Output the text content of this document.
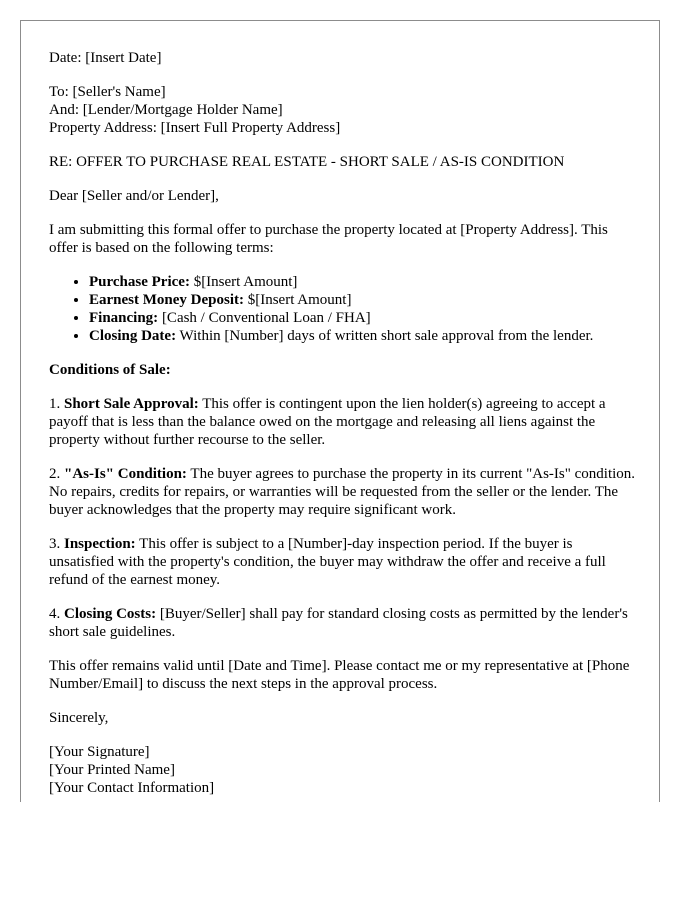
Date: [Insert Date]

To: [Seller's Name]
And: [Lender/Mortgage Holder Name]
Property Address: [Insert Full Property Address]

RE: OFFER TO PURCHASE REAL ESTATE - SHORT SALE / AS-IS CONDITION

Dear [Seller and/or Lender],

I am submitting this formal offer to purchase the property located at [Property Address]. This offer is based on the following terms:

• Purchase Price: $[Insert Amount]
• Earnest Money Deposit: $[Insert Amount]
• Financing: [Cash / Conventional Loan / FHA]
• Closing Date: Within [Number] days of written short sale approval from the lender.

Conditions of Sale:

1. Short Sale Approval: This offer is contingent upon the lien holder(s) agreeing to accept a payoff that is less than the balance owed on the mortgage and releasing all liens against the property without further recourse to the seller.

2. "As-Is" Condition: The buyer agrees to purchase the property in its current "As-Is" condition. No repairs, credits for repairs, or warranties will be requested from the seller or the lender. The buyer acknowledges that the property may require significant work.

3. Inspection: This offer is subject to a [Number]-day inspection period. If the buyer is unsatisfied with the property's condition, the buyer may withdraw the offer and receive a full refund of the earnest money.

4. Closing Costs: [Buyer/Seller] shall pay for standard closing costs as permitted by the lender's short sale guidelines.

This offer remains valid until [Date and Time]. Please contact me or my representative at [Phone Number/Email] to discuss the next steps in the approval process.

Sincerely,

[Your Signature]
[Your Printed Name]
[Your Contact Information]
